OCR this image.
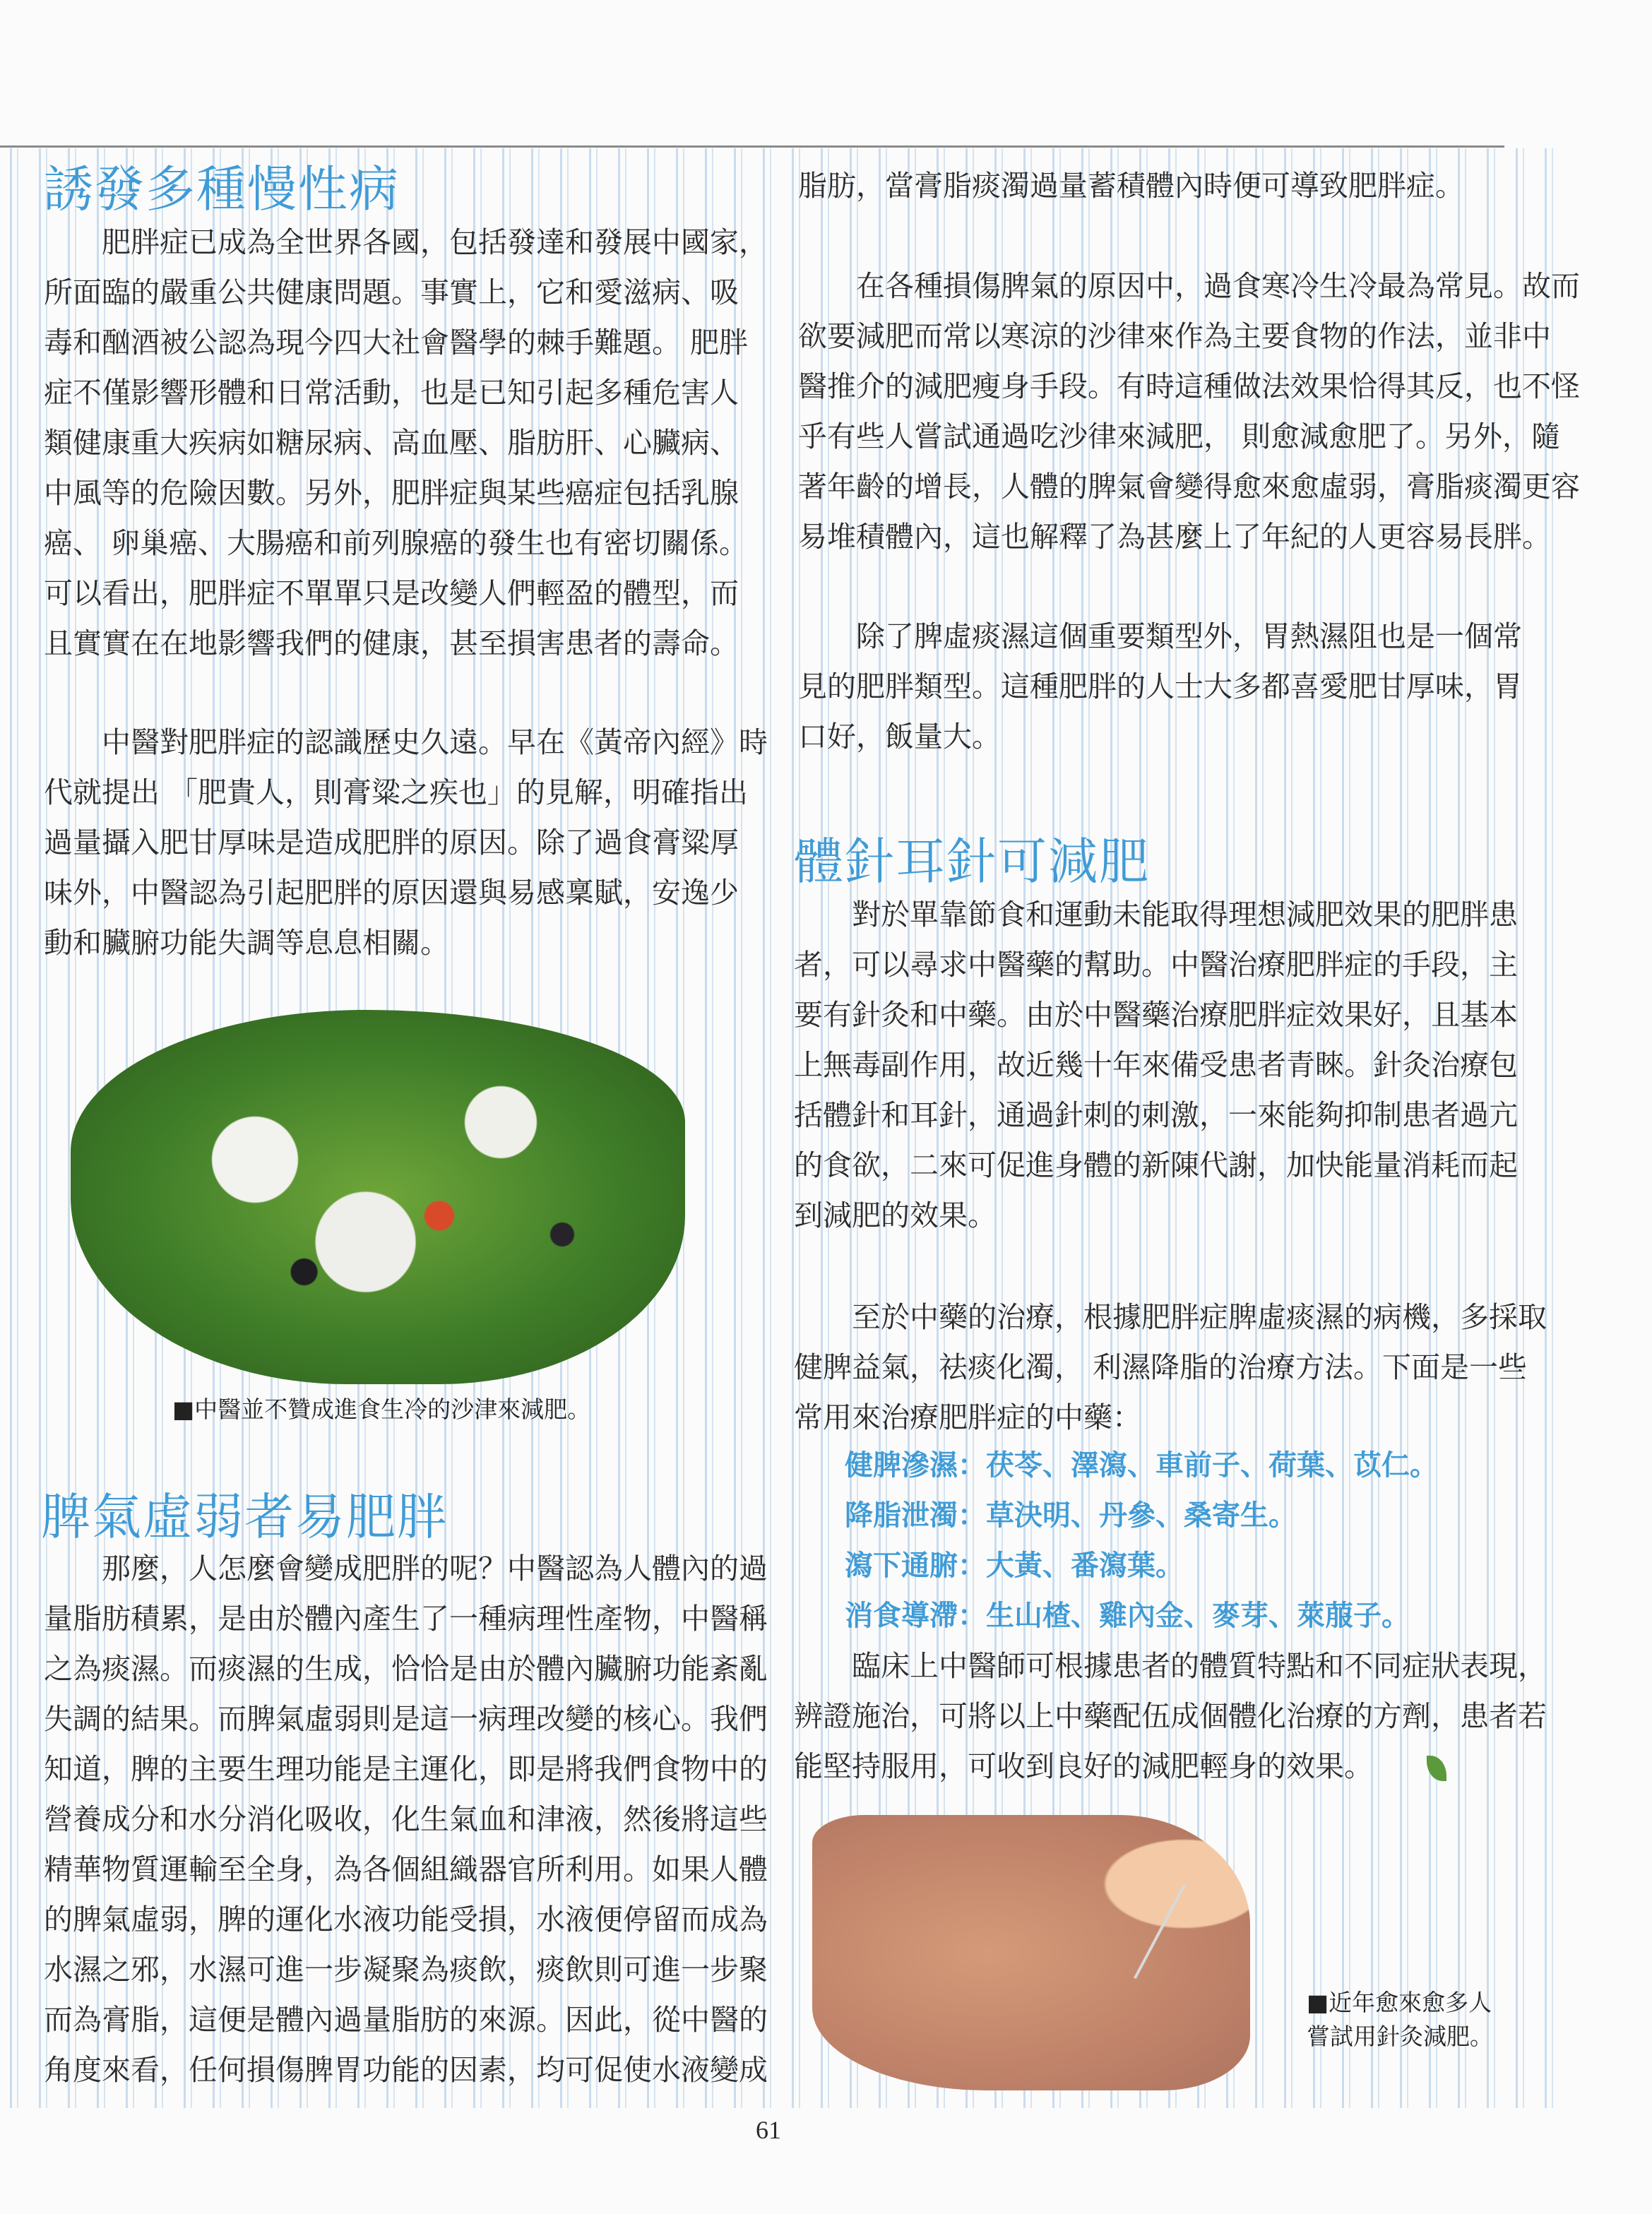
誘發多種慢性病
肥胖症已成為全世界各國，包括發達和發展中國家，
所面臨的嚴重公共健康問題。事實上，它和愛滋病、吸
毒和酗酒被公認為現今四大社會醫學的棘手難題。 肥胖
症不僅影響形體和日常活動，也是已知引起多種危害人
類健康重大疾病如糖尿病、高血壓、脂肪肝、心臟病、
中風等的危險因數。另外，肥胖症與某些癌症包括乳腺
癌、 卵巢癌、大腸癌和前列腺癌的發生也有密切關係。
可以看出，肥胖症不單單只是改變人們輕盈的體型，而
且實實在在地影響我們的健康，甚至損害患者的壽命。
中醫對肥胖症的認識歷史久遠。早在《黃帝內經》時
代就提出 「肥貴人，則膏粱之疾也」的見解，明確指出
過量攝入肥甘厚味是造成肥胖的原因。除了過食膏粱厚
味外，中醫認為引起肥胖的原因還與易感稟賦，安逸少
動和臟腑功能失調等息息相關。
■中醫並不贊成進食生冷的沙津來減肥。
脾氣虛弱者易肥胖
那麼，人怎麼會變成肥胖的呢？中醫認為人體內的過
量脂肪積累，是由於體內產生了一種病理性產物，中醫稱
之為痰濕。而痰濕的生成，恰恰是由於體內臟腑功能紊亂
失調的結果。而脾氣虛弱則是這一病理改變的核心。我們
知道，脾的主要生理功能是主運化，即是將我們食物中的
營養成分和水分消化吸收，化生氣血和津液，然後將這些
精華物質運輸至全身，為各個組織器官所利用。如果人體
的脾氣虛弱，脾的運化水液功能受損，水液便停留而成為
水濕之邪，水濕可進一步凝聚為痰飲，痰飲則可進一步聚
而為膏脂，這便是體內過量脂肪的來源。因此，從中醫的
角度來看，任何損傷脾胃功能的因素，均可促使水液變成
脂肪，當膏脂痰濁過量蓄積體內時便可導致肥胖症。
在各種損傷脾氣的原因中，過食寒冷生冷最為常見。故而
欲要減肥而常以寒涼的沙律來作為主要食物的作法，並非中
醫推介的減肥瘦身手段。有時這種做法效果恰得其反，也不怪
乎有些人嘗試通過吃沙律來減肥， 則愈減愈肥了。另外，隨
著年齡的增長，人體的脾氣會變得愈來愈虛弱，膏脂痰濁更容
易堆積體內，這也解釋了為甚麼上了年紀的人更容易長胖。
除了脾虛痰濕這個重要類型外，胃熱濕阻也是一個常
見的肥胖類型。這種肥胖的人士大多都喜愛肥甘厚味，胃
口好，飯量大。
體針耳針可減肥
對於單靠節食和運動未能取得理想減肥效果的肥胖患
者，可以尋求中醫藥的幫助。中醫治療肥胖症的手段，主
要有針灸和中藥。由於中醫藥治療肥胖症效果好，且基本
上無毒副作用，故近幾十年來備受患者青睞。針灸治療包
括體針和耳針，通過針刺的刺激，一來能夠抑制患者過亢
的食欲，二來可促進身體的新陳代謝，加快能量消耗而起
到減肥的效果。
至於中藥的治療，根據肥胖症脾虛痰濕的病機，多採取
健脾益氣，祛痰化濁， 利濕降脂的治療方法。下面是一些
常用來治療肥胖症的中藥：
健脾滲濕：茯苓、澤瀉、車前子、荷葉、苡仁。
降脂泄濁：草決明、丹參、桑寄生。
瀉下通腑：大黃、番瀉葉。
消食導滯：生山楂、雞內金、麥芽、萊菔子。
臨床上中醫師可根據患者的體質特點和不同症狀表現，
辨證施治，可將以上中藥配伍成個體化治療的方劑，患者若
能堅持服用，可收到良好的減肥輕身的效果。
■近年愈來愈多人
嘗試用針灸減肥。
61
